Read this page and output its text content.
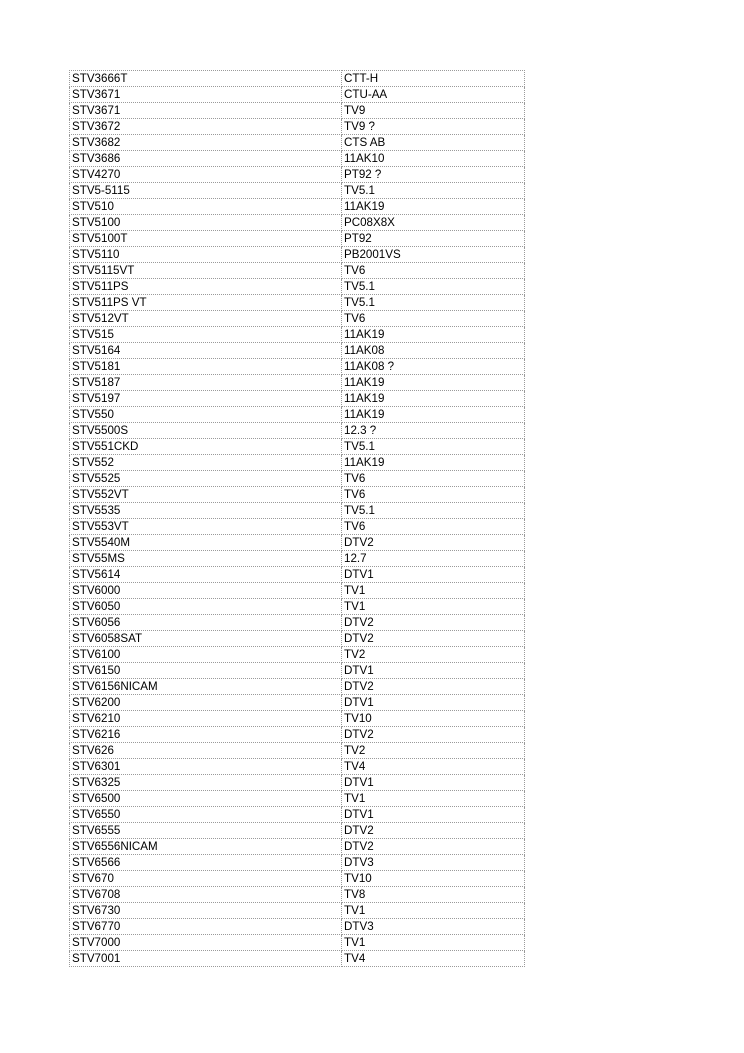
STV3666T	CTT-H
STV3671	CTU-AA
STV3671	TV9
STV3672	TV9 ?
STV3682	CTS AB
STV3686	11AK10
STV4270	PT92 ?
STV5-5115	TV5.1
STV510	11AK19
STV5100	PC08X8X
STV5100T	PT92
STV5110	PB2001VS
STV5115VT	TV6
STV511PS	TV5.1
STV511PS VT	TV5.1
STV512VT	TV6
STV515	11AK19
STV5164	11AK08
STV5181	11AK08 ?
STV5187	11AK19
STV5197	11AK19
STV550	11AK19
STV5500S	12.3 ?
STV551CKD	TV5.1
STV552	11AK19
STV5525	TV6
STV552VT	TV6
STV5535	TV5.1
STV553VT	TV6
STV5540M	DTV2
STV55MS	12.7
STV5614	DTV1
STV6000	TV1
STV6050	TV1
STV6056	DTV2
STV6058SAT	DTV2
STV6100	TV2
STV6150	DTV1
STV6156NICAM	DTV2
STV6200	DTV1
STV6210	TV10
STV6216	DTV2
STV626	TV2
STV6301	TV4
STV6325	DTV1
STV6500	TV1
STV6550	DTV1
STV6555	DTV2
STV6556NICAM	DTV2
STV6566	DTV3
STV670	TV10
STV6708	TV8
STV6730	TV1
STV6770	DTV3
STV7000	TV1
STV7001	TV4
